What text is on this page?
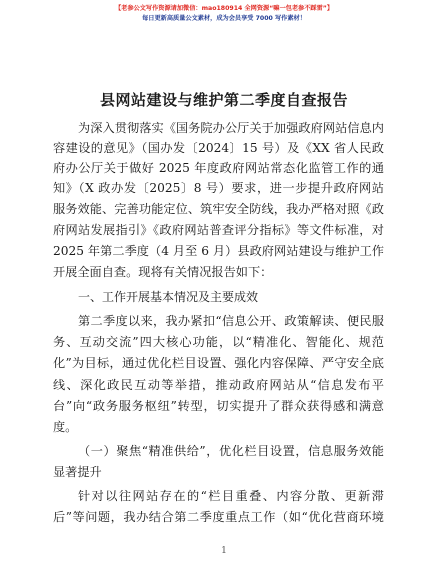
【老参公文写作资源请加微信：mao180914 全网资源“嘛一包老参不踩雷”】
每日更新高质量公文素材，成为会员享受 7000 写作素材！
县网站建设与维护第二季度自查报告
为深入贯彻落实《国务院办公厅关于加强政府网站信息内
容建设的意见》（国办发〔2024〕15 号）及《XX 省人民政
府办公厅关于做好 2025 年度政府网站常态化监管工作的通
知》（X 政办发〔2025〕8 号）要求，进一步提升政府网站
服务效能、完善功能定位、筑牢安全防线，我办严格对照《政
府网站发展指引》《政府网站普查评分指标》等文件标准，对
2025 年第二季度（4 月至 6 月）县政府网站建设与维护工作
开展全面自查。现将有关情况报告如下：
一、工作开展基本情况及主要成效
第二季度以来，我办紧扣“信息公开、政策解读、便民服
务、互动交流”四大核心功能，以“精准化、智能化、规范
化”为目标，通过优化栏目设置、强化内容保障、严守安全底
线、深化政民互动等举措，推动政府网站从“信息发布平
台”向“政务服务枢纽”转型，切实提升了群众获得感和满意
度。
（一）聚焦“精准供给”，优化栏目设置，信息服务效能
显著提升
针对以往网站存在的“栏目重叠、内容分散、更新滞
后”等问题，我办结合第二季度重点工作（如“优化营商环境
1
